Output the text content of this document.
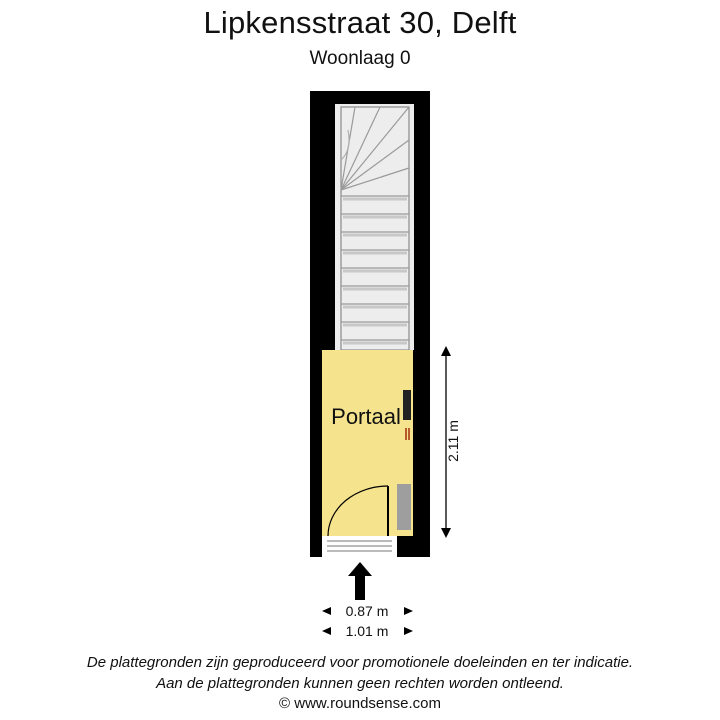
Lipkensstraat 30, Delft
Woonlaag 0
Portaal
2.11 m
0.87 m
1.01 m
De plattegronden zijn geproduceerd voor promotionele doeleinden en ter indicatie.
Aan de plattegronden kunnen geen rechten worden ontleend.
© www.roundsense.com
